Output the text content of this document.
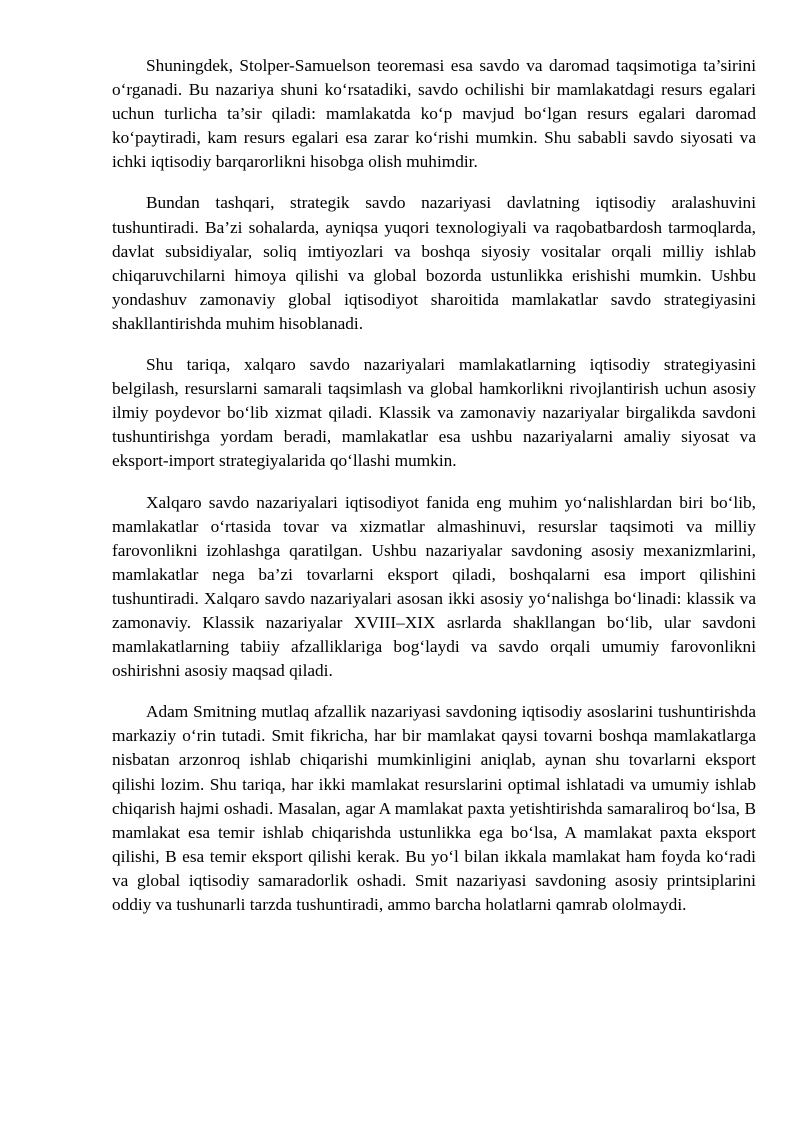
Shuningdek, Stolper-Samuelson teoremasi esa savdo va daromad taqsimotiga ta’sirini o‘rganadi. Bu nazariya shuni ko‘rsatadiki, savdo ochilishi bir mamlakatdagi resurs egalari uchun turlicha ta’sir qiladi: mamlakatda ko‘p mavjud bo‘lgan resurs egalari daromad ko‘paytiradi, kam resurs egalari esa zarar ko‘rishi mumkin. Shu sababli savdo siyosati va ichki iqtisodiy barqarorlikni hisobga olish muhimdir.

Bundan tashqari, strategik savdo nazariyasi davlatning iqtisodiy aralashuvini tushuntiradi. Ba’zi sohalarda, ayniqsa yuqori texnologiyali va raqobatbardosh tarmoqlarda, davlat subsidiyalar, soliq imtiyozlari va boshqa siyosiy vositalar orqali milliy ishlab chiqaruvchilarni himoya qilishi va global bozorda ustunlikka erishishi mumkin. Ushbu yondashuv zamonaviy global iqtisodiyot sharoitida mamlakatlar savdo strategiyasini shakllantirishda muhim hisoblanadi.

Shu tariqa, xalqaro savdo nazariyalari mamlakatlarning iqtisodiy strategiyasini belgilash, resurslarni samarali taqsimlash va global hamkorlikni rivojlantirish uchun asosiy ilmiy poydevor bo‘lib xizmat qiladi. Klassik va zamonaviy nazariyalar birgalikda savdoni tushuntirishga yordam beradi, mamlakatlar esa ushbu nazariyalarni amaliy siyosat va eksport-import strategiyalarida qo‘llashi mumkin.

Xalqaro savdo nazariyalari iqtisodiyot fanida eng muhim yo‘nalishlardan biri bo‘lib, mamlakatlar o‘rtasida tovar va xizmatlar almashinuvi, resurslar taqsimoti va milliy farovonlikni izohlashga qaratilgan. Ushbu nazariyalar savdoning asosiy mexanizmlarini, mamlakatlar nega ba’zi tovarlarni eksport qiladi, boshqalarni esa import qilishini tushuntiradi. Xalqaro savdo nazariyalari asosan ikki asosiy yo‘nalishga bo‘linadi: klassik va zamonaviy. Klassik nazariyalar XVIII–XIX asrlarda shakllangan bo‘lib, ular savdoni mamlakatlarning tabiiy afzalliklariga bog‘laydi va savdo orqali umumiy farovonlikni oshirishni asosiy maqsad qiladi.

Adam Smitning mutlaq afzallik nazariyasi savdoning iqtisodiy asoslarini tushuntirishda markaziy o‘rin tutadi. Smit fikricha, har bir mamlakat qaysi tovarni boshqa mamlakatlarga nisbatan arzonroq ishlab chiqarishi mumkinligini aniqlab, aynan shu tovarlarni eksport qilishi lozim. Shu tariqa, har ikki mamlakat resurslarini optimal ishlatadi va umumiy ishlab chiqarish hajmi oshadi. Masalan, agar A mamlakat paxta yetishtirishda samaraliroq bo‘lsa, B mamlakat esa temir ishlab chiqarishda ustunlikka ega bo‘lsa, A mamlakat paxta eksport qilishi, B esa temir eksport qilishi kerak. Bu yo‘l bilan ikkala mamlakat ham foyda ko‘radi va global iqtisodiy samaradorlik oshadi. Smit nazariyasi savdoning asosiy printsiplarini oddiy va tushunarli tarzda tushuntiradi, ammo barcha holatlarni qamrab ololmaydi.
